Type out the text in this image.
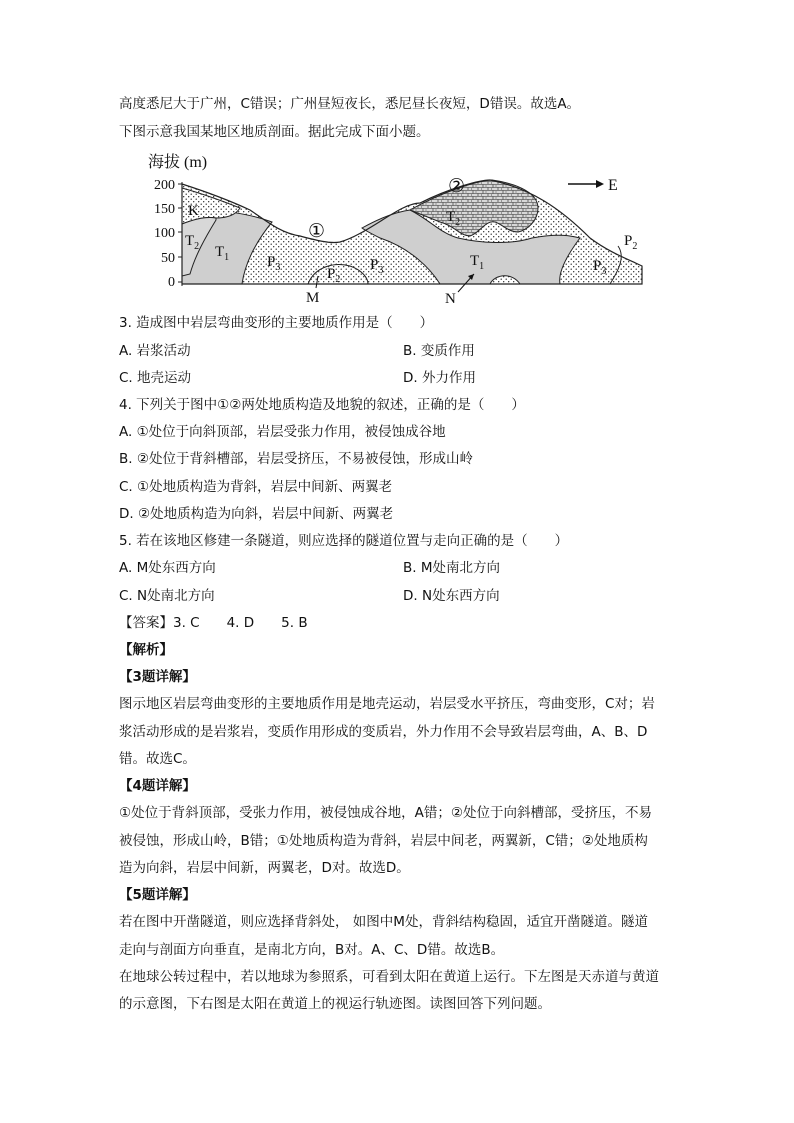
高度悉尼大于广州，C错误；广州昼短夜长，悉尼昼长夜短，D错误。故选A。
下图示意我国某地区地质剖面。据此完成下面小题。
海拔 (m)
200
150
100
50
0
E
①
②
K
$T_2$ $T_1$	$P_3$	$P_2$
$P_3$
$T_2$
$T_1$	$P_3$
$P_2$
M	N
3. 造成图中岩层弯曲变形的主要地质作用是（　　）
A. 岩浆活动	B. 变质作用
C. 地壳运动	D. 外力作用
4. 下列关于图中①②两处地质构造及地貌的叙述，正确的是（　　）
A. ①处位于向斜顶部，岩层受张力作用，被侵蚀成谷地
B. ②处位于背斜槽部，岩层受挤压，不易被侵蚀，形成山岭
C. ①处地质构造为背斜，岩层中间新、两翼老
D. ②处地质构造为向斜，岩层中间新、两翼老
5. 若在该地区修建一条隧道，则应选择的隧道位置与走向正确的是（　　）
A. M处东西方向	B. M处南北方向
C. N处南北方向	D. N处东西方向
【答案】3. C　　4. D　　5. B
【解析】
【3题详解】
图示地区岩层弯曲变形的主要地质作用是地壳运动，岩层受水平挤压，弯曲变形，C对；岩
浆活动形成的是岩浆岩，变质作用形成的变质岩，外力作用不会导致岩层弯曲，A、B、D
错。故选C。
【4题详解】
①处位于背斜顶部，受张力作用，被侵蚀成谷地，A错；②处位于向斜槽部，受挤压，不易
被侵蚀，形成山岭，B错；①处地质构造为背斜，岩层中间老，两翼新，C错；②处地质构
造为向斜，岩层中间新，两翼老，D对。故选D。
【5题详解】
若在图中开凿隧道，则应选择背斜处， 如图中M处，背斜结构稳固，适宜开凿隧道。隧道
走向与剖面方向垂直，是南北方向，B对。A、C、D错。故选B。
在地球公转过程中，若以地球为参照系，可看到太阳在黄道上运行。下左图是天赤道与黄道
的示意图，下右图是太阳在黄道上的视运行轨迹图。读图回答下列问题。
